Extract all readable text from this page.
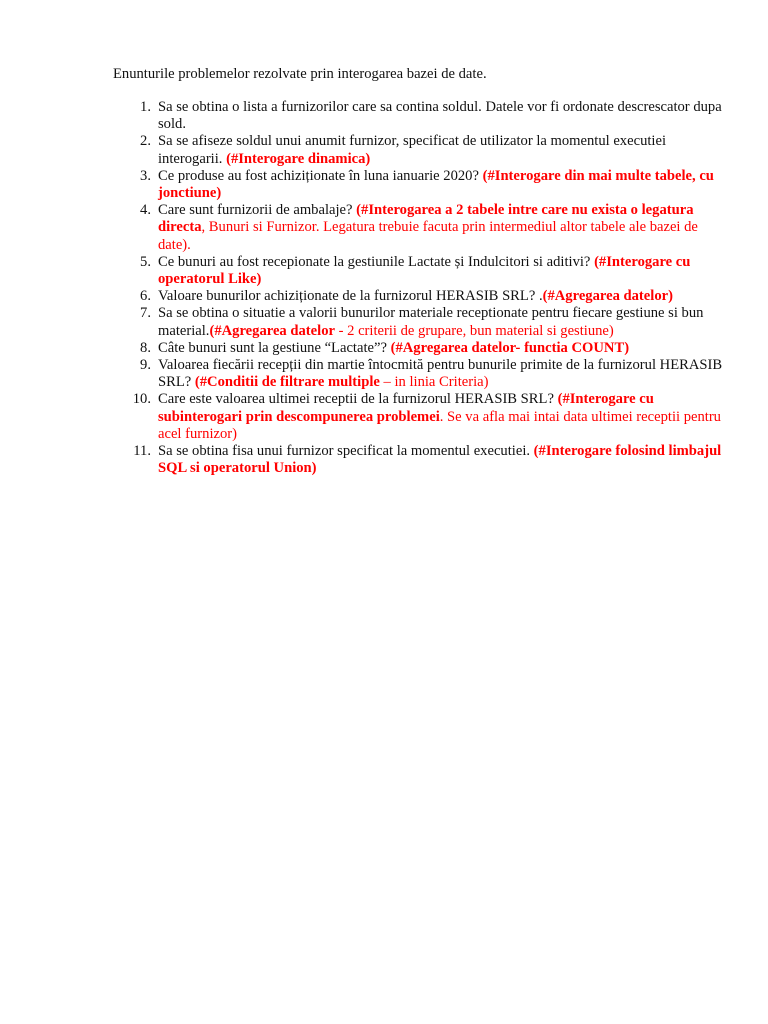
Enunturile problemelor rezolvate prin interogarea bazei de date.
1. Sa se obtina o lista a furnizorilor care sa contina soldul. Datele vor fi ordonate descrescator dupa sold.
2. Sa se afiseze soldul unui anumit furnizor, specificat de utilizator la momentul executiei interogarii. (#Interogare dinamica)
3. Ce produse au fost achiziționate în luna ianuarie 2020? (#Interogare din mai multe tabele, cu jonctiune)
4. Care sunt furnizorii de ambalaje? (#Interogarea a 2 tabele intre care nu exista o legatura directa, Bunuri si Furnizor. Legatura trebuie facuta prin intermediul altor tabele ale bazei de date).
5. Ce bunuri au fost recepionate la gestiunile Lactate și Indulcitori si aditivi? (#Interogare cu operatorul Like)
6. Valoare bunurilor achiziționate de la furnizorul HERASIB SRL? .(#Agregarea datelor)
7. Sa se obtina o situatie a valorii bunurilor materiale receptionate pentru fiecare gestiune si bun material.(#Agregarea datelor - 2 criterii de grupare, bun material si gestiune)
8. Câte bunuri sunt la gestiune “Lactate”? (#Agregarea datelor- functia COUNT)
9. Valoarea fiecării recepții din martie întocmită pentru bunurile primite de la furnizorul HERASIB SRL? (#Conditii de filtrare multiple – in linia Criteria)
10. Care este valoarea ultimei receptii de la furnizorul HERASIB SRL? (#Interogare cu subinterogari prin descompunerea problemei. Se va afla mai intai data ultimei receptii pentru acel furnizor)
11. Sa se obtina fisa unui furnizor specificat la momentul executiei. (#Interogare folosind limbajul SQL si operatorul Union)
